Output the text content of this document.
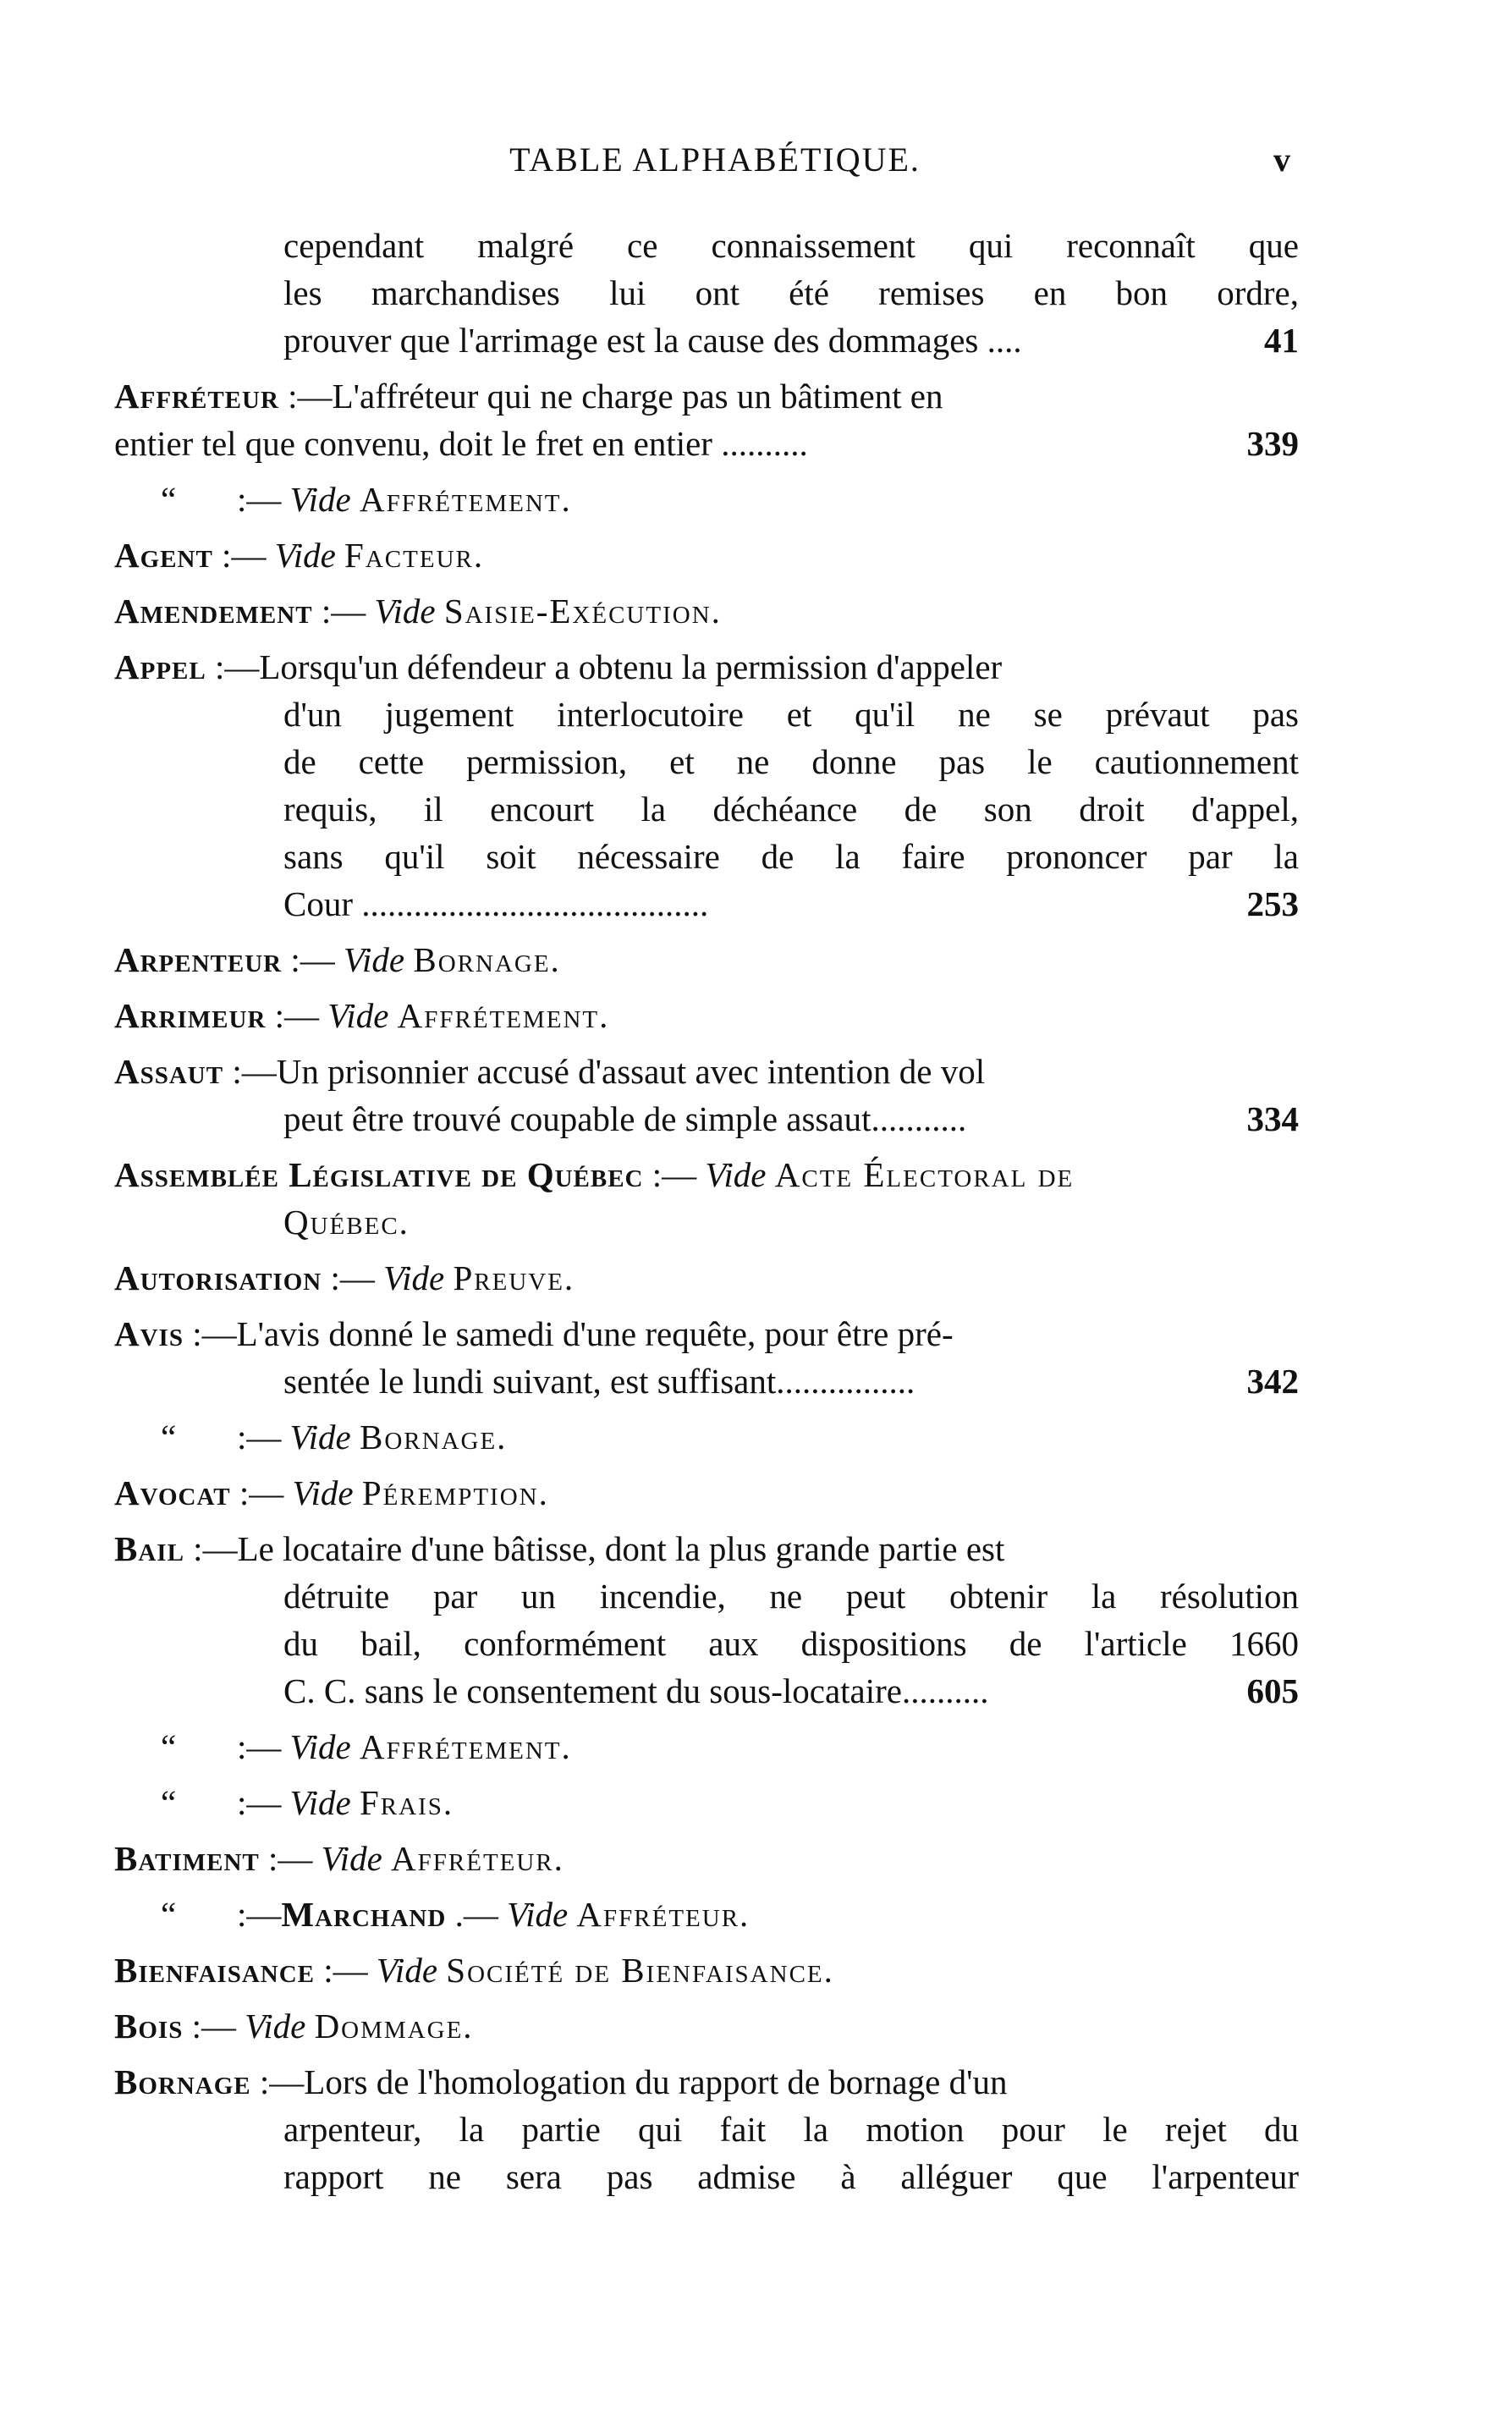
TABLE ALPHABÉTIQUE.	v
cependant malgré ce connaissement qui reconnaît que
les marchandises lui ont été remises en bon ordre,
prouver que l'arrimage est la cause des dommages ....	41
Affréteur :—L'affréteur qui ne charge pas un bâtiment en
entier tel que convenu, doit le fret en entier ..........	339
“ :— Vide Affrétement.
Agent :— Vide Facteur.
Amendement :— Vide Saisie-Exécution.
Appel :—Lorsqu'un défendeur a obtenu la permission d'appeler
d'un jugement interlocutoire et qu'il ne se prévaut pas
de cette permission, et ne donne pas le cautionnement
requis, il encourt la déchéance de son droit d'appel,
sans qu'il soit nécessaire de la faire prononcer par la
Cour ........................................	253
Arpenteur :— Vide Bornage.
Arrimeur :— Vide Affrétement.
Assaut :—Un prisonnier accusé d'assaut avec intention de vol
peut être trouvé coupable de simple assaut...........	334
Assemblée Législative de Québec :— Vide Acte Électoral de
Québec.
Autorisation :— Vide Preuve.
Avis :—L'avis donné le samedi d'une requête, pour être pré-
sentée le lundi suivant, est suffisant................	342
“ :— Vide Bornage.
Avocat :— Vide Péremption.
Bail :—Le locataire d'une bâtisse, dont la plus grande partie est
détruite par un incendie, ne peut obtenir la résolution
du bail, conformément aux dispositions de l'article 1660
C. C. sans le consentement du sous-locataire..........	605
“ :— Vide Affrétement.
“ :— Vide Frais.
Batiment :— Vide Affréteur.
“ :—Marchand .— Vide Affréteur.
Bienfaisance :— Vide Société de Bienfaisance.
Bois :— Vide Dommage.
Bornage :—Lors de l'homologation du rapport de bornage d'un
arpenteur, la partie qui fait la motion pour le rejet du
rapport ne sera pas admise à alléguer que l'arpenteur
